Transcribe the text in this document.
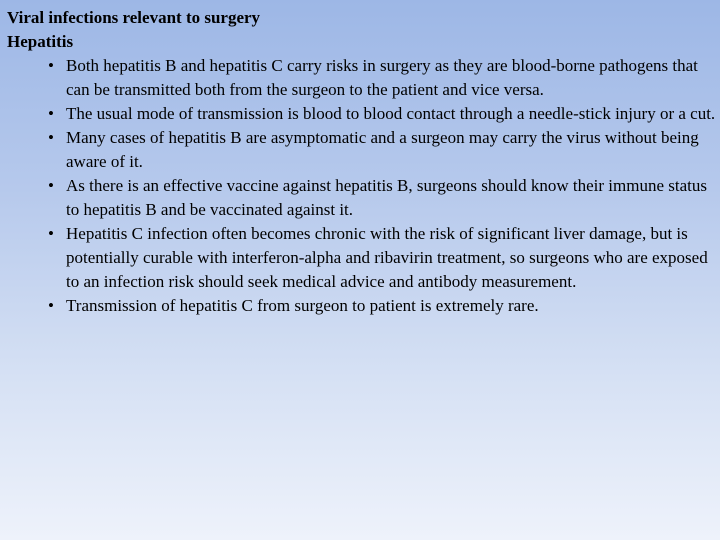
Viral infections relevant to surgery
Hepatitis
• Both hepatitis B and hepatitis C carry risks in surgery as they are blood-borne pathogens that can be transmitted both from the surgeon to the patient and vice versa.
• The usual mode of transmission is blood to blood contact through a needle-stick injury or a cut.
• Many cases of hepatitis B are asymptomatic and a surgeon may carry the virus without being aware of it.
• As there is an effective vaccine against hepatitis B, surgeons should know their immune status to hepatitis B and be vaccinated against it.
• Hepatitis C infection often becomes chronic with the risk of significant liver damage, but is potentially curable with interferon-alpha and ribavirin treatment, so surgeons who are exposed to an infection risk should seek medical advice and antibody measurement.
• Transmission of hepatitis C from surgeon to patient is extremely rare.
